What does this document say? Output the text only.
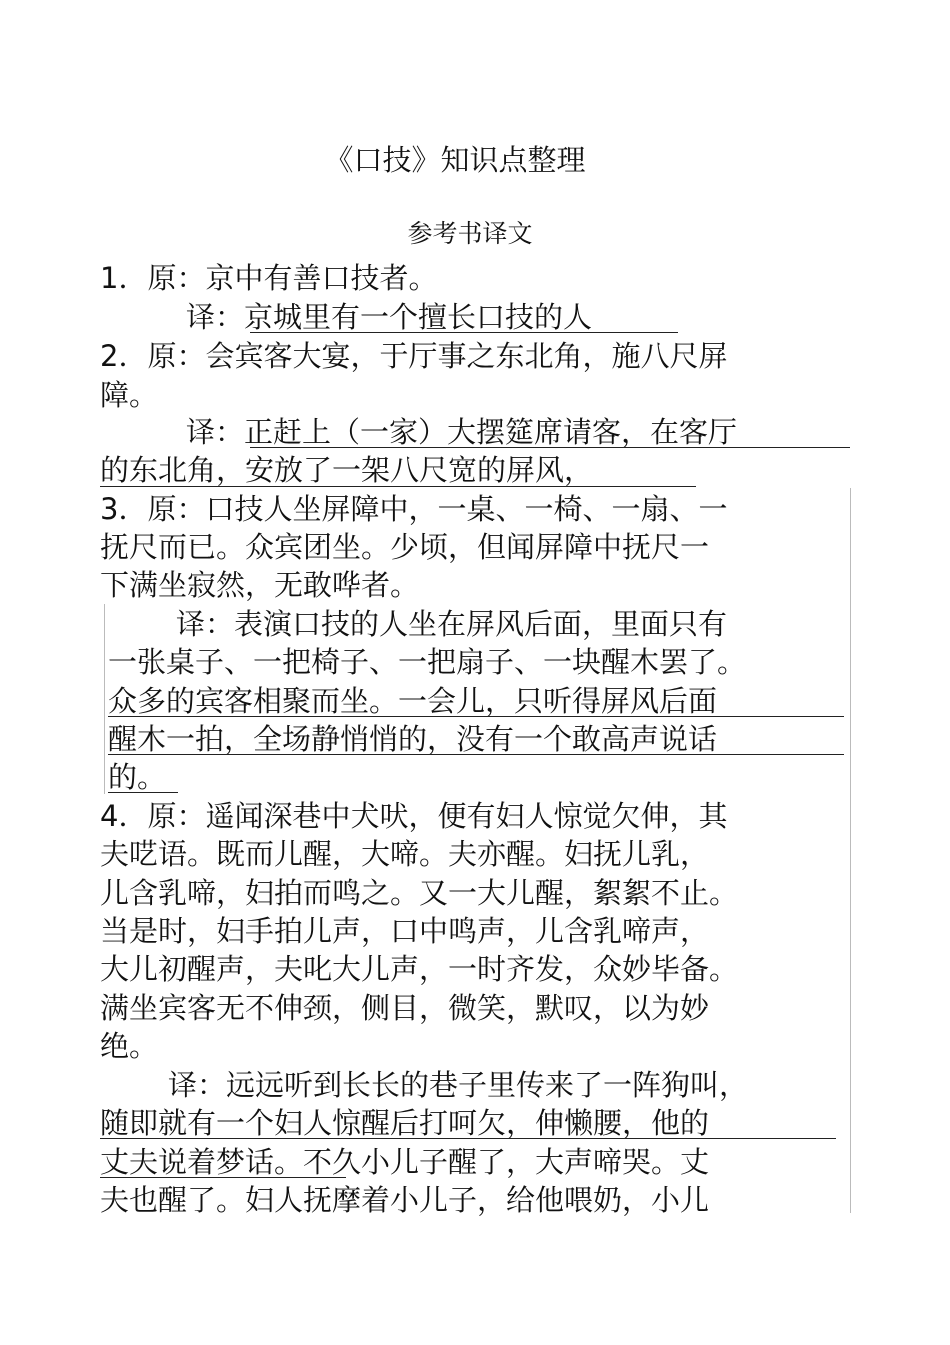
《口技》知识点整理
参考书译文
1．原：京中有善口技者。
译：京城里有一个擅长口技的人
2．原：会宾客大宴，于厅事之东北角，施八尺屏
障。
译：正赶上（一家）大摆筵席请客，在客厅
的东北角，安放了一架八尺宽的屏风，
3．原：口技人坐屏障中，一桌、一椅、一扇、一
抚尺而已。众宾团坐。少顷，但闻屏障中抚尺一
下满坐寂然，无敢哗者。
译：表演口技的人坐在屏风后面，里面只有
一张桌子、一把椅子、一把扇子、一块醒木罢了。
众多的宾客相聚而坐。一会儿，只听得屏风后面
醒木一拍，全场静悄悄的，没有一个敢高声说话
的。
4．原：遥闻深巷中犬吠，便有妇人惊觉欠伸，其
夫呓语。既而儿醒，大啼。夫亦醒。妇抚儿乳，
儿含乳啼，妇拍而鸣之。又一大儿醒，絮絮不止。
当是时，妇手拍儿声，口中鸣声，儿含乳啼声，
大儿初醒声，夫叱大儿声，一时齐发，众妙毕备。
满坐宾客无不伸颈，侧目，微笑，默叹，以为妙
绝。
译：远远听到长长的巷子里传来了一阵狗叫，
随即就有一个妇人惊醒后打呵欠，伸懒腰，他的
丈夫说着梦话。不久小儿子醒了，大声啼哭。丈
夫也醒了。妇人抚摩着小儿子，给他喂奶，小儿
